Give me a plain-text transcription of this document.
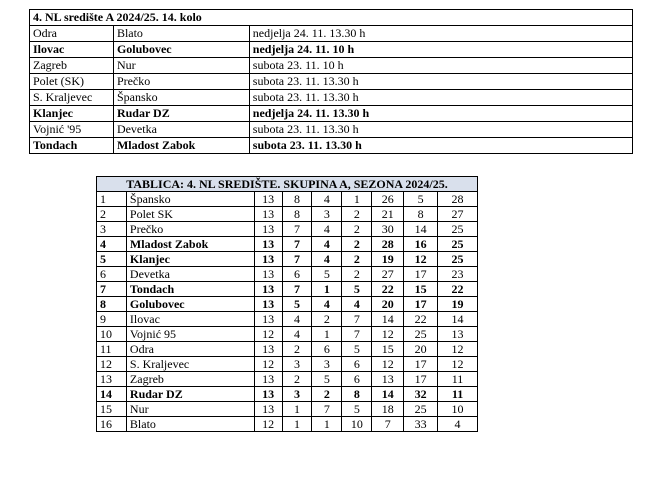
4. NL središte A 2024/25. 14. kolo		
Odra	Blato	nedjelja 24. 11. 13.30 h
Ilovac	Golubovec	nedjelja 24. 11. 10 h
Zagreb	Nur	subota 23. 11. 10 h
Polet (SK)	Prečko	subota 23. 11. 13.30 h
S. Kraljevec	Špansko	subota 23. 11. 13.30 h
Klanjec	Rudar DZ	nedjelja 24. 11. 13.30 h
Vojnić '95	Devetka	subota 23. 11. 13.30 h
Tondach	Mladost Zabok	subota 23. 11. 13.30 h
TABLICA: 4. NL SREDIŠTE. SKUPINA A, SEZONA 2024/25.								
1	Špansko	13	8	4	1	26	5	28
2	Polet SK	13	8	3	2	21	8	27
3	Prečko	13	7	4	2	30	14	25
4	Mladost Zabok	13	7	4	2	28	16	25
5	Klanjec	13	7	4	2	19	12	25
6	Devetka	13	6	5	2	27	17	23
7	Tondach	13	7	1	5	22	15	22
8	Golubovec	13	5	4	4	20	17	19
9	Ilovac	13	4	2	7	14	22	14
10	Vojnić 95	12	4	1	7	12	25	13
11	Odra	13	2	6	5	15	20	12
12	S. Kraljevec	12	3	3	6	12	17	12
13	Zagreb	13	2	5	6	13	17	11
14	Rudar DZ	13	3	2	8	14	32	11
15	Nur	13	1	7	5	18	25	10
16	Blato	12	1	1	10	7	33	4
